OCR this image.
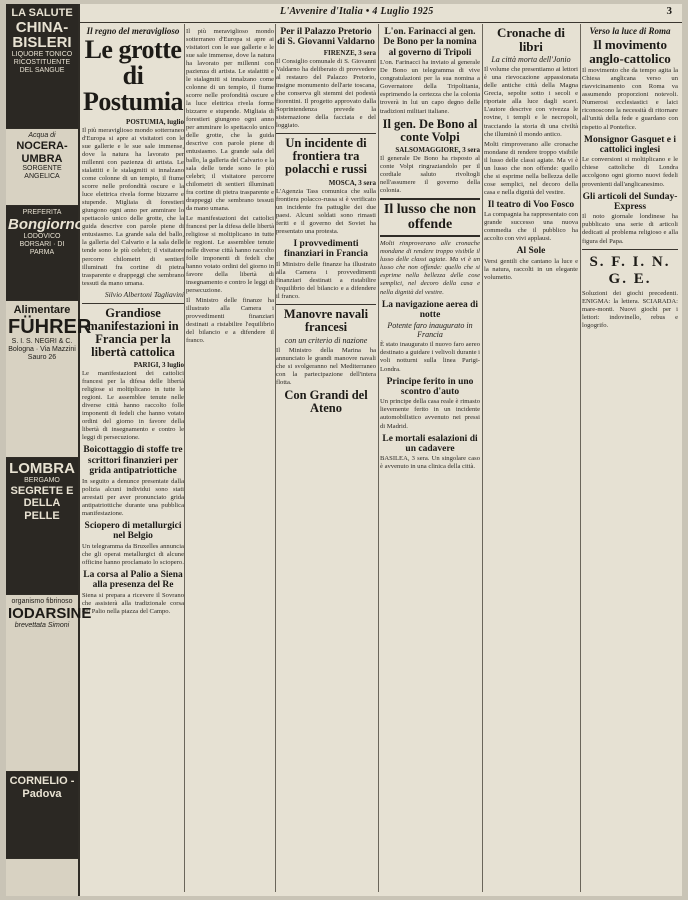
L'Avvenire d'Italia • 4 Luglio 1925	3
LA SALUTE
CHINA-BISLERI
LIQUORE TONICO RICOSTITUENTE DEL SANGUE
Acqua di
NOCERA-UMBRA
SORGENTE ANGELICA
PREFERITA
Bongiorno
LODOVICO BORSARI · DI PARMA
Alimentare
FÜHRER
S. I. S. NEGRI & C. Bologna · Via Mazzini Sauro 26
LOMBRA
BERGAMO
SEGRETE E DELLA PELLE
organismo fibrinoso
IODARSINE
brevettata Simoni
CORNELIO - Padova
Il regno del meraviglioso
Le grotte di Postumia
POSTUMIA, luglio

Il più meraviglioso mondo sotterraneo d'Europa si apre ai visitatori con le sue gallerie e le sue sale immense, dove la natura ha lavorato per millenni con pazienza di artista. Le stalattiti e le stalagmiti si innalzano come colonne di un tempio, il fiume scorre nelle profondità oscure e la luce elettrica rivela forme bizzarre e stupende. Migliaia di forestieri giungono ogni anno per ammirare lo spettacolo unico delle grotte, che la guida descrive con parole piene di entusiasmo. La grande sala del ballo, la galleria del Calvario e la sala delle tende sono le più celebri; il visitatore percorre chilometri di sentieri illuminati fra cortine di pietra trasparente e drappeggi che sembrano tessuti da mano umana.

Silvio Albertoni Tagliavini
Grandiose manifestazioni in Francia per la libertà cattolica
PARIGI, 3 luglio

Le manifestazioni dei cattolici francesi per la difesa delle libertà religiose si moltiplicano in tutte le regioni. Le assemblee tenute nelle diverse città hanno raccolto folle imponenti di fedeli che hanno votato ordini del giorno in favore della libertà di insegnamento e contro le leggi di persecuzione.

Boicottaggio di stoffe tre scrittori finanzieri per grida antipatriottiche

In seguito a denunce presentate dalla polizia alcuni individui sono stati arrestati per aver pronunciato grida antipatriottiche durante una pubblica manifestazione.

Sciopero di metallurgici nel Belgio

Un telegramma da Bruxelles annuncia che gli operai metallurgici di alcune officine hanno proclamato lo sciopero.

La corsa al Palio a Siena alla presenza del Re

Siena si prepara a ricevere il Sovrano che assisterà alla tradizionale corsa del Palio nella piazza del Campo.

Per il Palazzo Pretorio di S. Giovanni Valdarno
FIRENZE, 3 sera

Il Consiglio comunale di S. Giovanni Valdarno ha deliberato di provvedere al restauro del Palazzo Pretorio, insigne monumento dell'arte toscana, che conserva gli stemmi dei podestà fiorentini. Il progetto approvato dalla Soprintendenza prevede la sistemazione della facciata e del loggiato.

Un incidente di frontiera tra polacchi e russi
MOSCA, 3 sera

L'Agenzia Tass comunica che sulla frontiera polacco-russa si è verificato un incidente fra pattuglie dei due paesi. Alcuni soldati sono rimasti feriti e il governo dei Soviet ha presentato una protesta.

I provvedimenti finanziari in Francia

Il Ministro delle finanze ha illustrato alla Camera i provvedimenti finanziari destinati a ristabilire l'equilibrio del bilancio e a difendere il franco.

Manovre navali francesi
con un criterio di nazione

Il Ministro della Marina ha annunciato le grandi manovre navali che si svolgeranno nel Mediterraneo con la partecipazione dell'intera flotta.

Con Grandi del Ateno

Il più meraviglioso mondo sotterraneo d'Europa si apre ai visitatori con le sue gallerie e le sue sale immense, dove la natura ha lavorato per millenni con pazienza di artista. Le stalattiti e le stalagmiti si innalzano come colonne di un tempio, il fiume scorre nelle profondità oscure e la luce elettrica rivela forme bizzarre e stupende. Migliaia di forestieri giungono ogni anno per ammirare lo spettacolo unico delle grotte, che la guida descrive con parole piene di entusiasmo. La grande sala del ballo, la galleria del Calvario e la sala delle tende sono le più celebri; il visitatore percorre chilometri di sentieri illuminati fra cortine di pietra trasparente e drappeggi che sembrano tessuti da mano umana.

Le manifestazioni dei cattolici francesi per la difesa delle libertà religiose si moltiplicano in tutte le regioni. Le assemblee tenute nelle diverse città hanno raccolto folle imponenti di fedeli che hanno votato ordini del giorno in favore della libertà di insegnamento e contro le leggi di persecuzione.

Il Ministro delle finanze ha illustrato alla Camera i provvedimenti finanziari destinati a ristabilire l'equilibrio del bilancio e a difendere il franco.

L'on. Farinacci al gen. De Bono per la nomina al governo di Tripoli

L'on. Farinacci ha inviato al generale De Bono un telegramma di vive congratulazioni per la sua nomina a Governatore della Tripolitania, esprimendo la certezza che la colonia troverà in lui un capo degno delle tradizioni militari italiane.

Il gen. De Bono al conte Volpi
SALSOMAGGIORE, 3 sera

Il generale De Bono ha risposto al conte Volpi ringraziandolo per il cordiale saluto rivoltogli nell'assumere il governo della colonia.

Il lusso che non offende

Molti rimproverano alle cronache mondane di rendere troppo visibile il lusso delle classi agiate. Ma vi è un lusso che non offende: quello che si esprime nella bellezza delle cose semplici, nel decoro della casa e nella dignità del vestire.

La navigazione aerea di notte
Potente faro inaugurato in Francia

È stato inaugurato il nuovo faro aereo destinato a guidare i velivoli durante i voli notturni sulla linea Parigi-Londra.

Principe ferito in uno scontro d'auto

Un principe della casa reale è rimasto lievemente ferito in un incidente automobilistico avvenuto nei pressi di Madrid.

Le mortali esalazioni di un cadavere

BASILEA, 3 sera. Un singolare caso è avvenuto in una clinica della città.

Cronache di libri
La città morta dell'Jonio

Il volume che presentiamo ai lettori è una rievocazione appassionata delle antiche città della Magna Grecia, sepolte sotto i secoli e riportate alla luce dagli scavi. L'autore descrive con vivezza le rovine, i templi e le necropoli, tracciando la storia di una civiltà che illuminò il mondo antico.

Molti rimproverano alle cronache mondane di rendere troppo visibile il lusso delle classi agiate. Ma vi è un lusso che non offende: quello che si esprime nella bellezza delle cose semplici, nel decoro della casa e nella dignità del vestire.

Il teatro di Voo Fosco

La compagnia ha rappresentato con grande successo una nuova commedia che il pubblico ha accolto con vivi applausi.

Al Sole

Versi gentili che cantano la luce e la natura, raccolti in un elegante volumetto.

Verso la luce di Roma
Il movimento anglo-cattolico

Il movimento che da tempo agita la Chiesa anglicana verso un riavvicinamento con Roma va assumendo proporzioni notevoli. Numerosi ecclesiastici e laici riconoscono la necessità di ritornare all'unità della fede e guardano con rispetto al Pontefice.

Monsignor Gasquet e i cattolici inglesi

Le conversioni si moltiplicano e le chiese cattoliche di Londra accolgono ogni giorno nuovi fedeli provenienti dall'anglicanesimo.

Gli articoli del Sunday-Express

Il noto giornale londinese ha pubblicato una serie di articoli dedicati al problema religioso e alla figura del Papa.

S. F. I. N. G. E.

Soluzioni dei giochi precedenti. ENIGMA: la lettera. SCIARADA: mare-monti. Nuovi giochi per i lettori: indovinello, rebus e logogrifo.
